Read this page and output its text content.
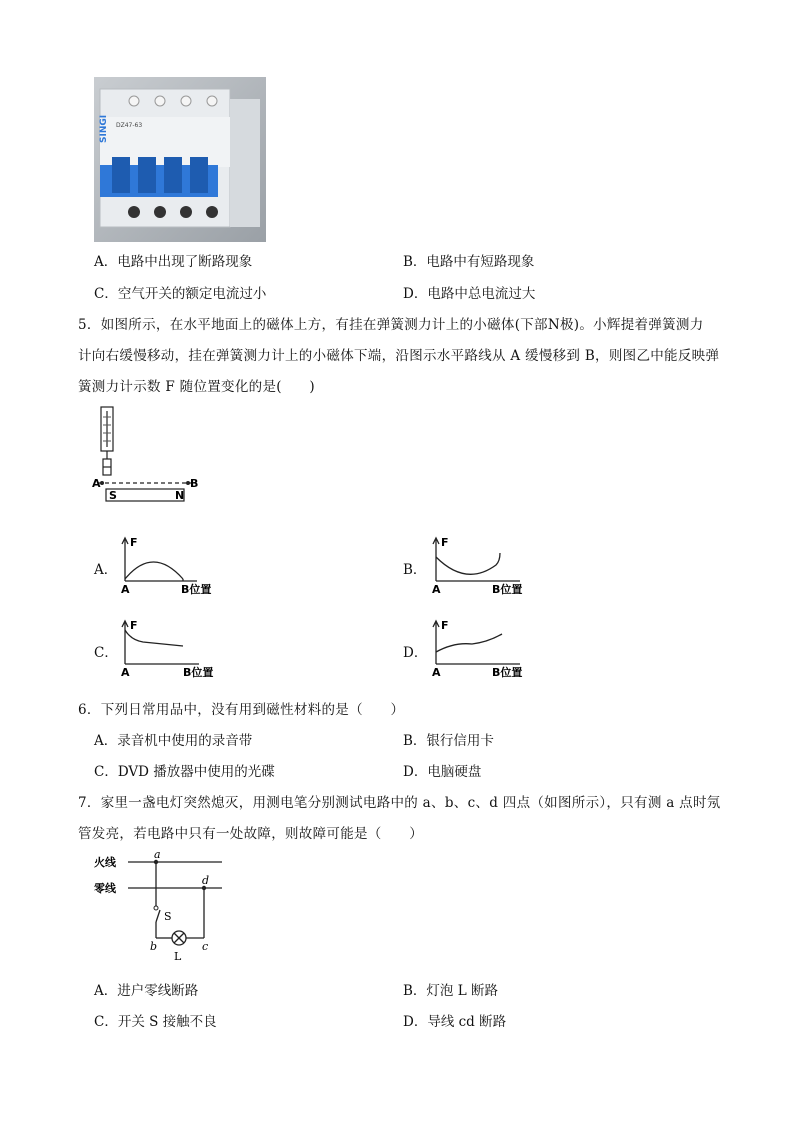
SINGI DZ47-63
A．电路中出现了断路现象	B．电路中有短路现象
C．空气开关的额定电流过小	D．电路中总电流过大
5．如图所示，在水平地面上的磁体上方，有挂在弹簧测力计上的小磁体(下部N极)。小辉提着弹簧测力
计向右缓慢移动，挂在弹簧测力计上的小磁体下端，沿图示水平路线从 A 缓慢移到 B，则图乙中能反映弹
簧测力计示数 F 随位置变化的是(　　)
A	B
S	N
A．	B．
C．	D．
F
A	B位置
F
A	B位置
F
A	B位置
F
A	B位置
6．下列日常用品中，没有用到磁性材料的是（　　）
A．录音机中使用的录音带	B．银行信用卡
C．DVD 播放器中使用的光碟	D．电脑硬盘
7．家里一盏电灯突然熄灭，用测电笔分别测试电路中的 a、b、c、d 四点（如图所示），只有测 a 点时氖
管发亮，若电路中只有一处故障，则故障可能是（　　）
火线
零线
a
d
b	c
S
L
A．进户零线断路	B．灯泡 L 断路
C．开关 S 接触不良	D．导线 cd 断路
